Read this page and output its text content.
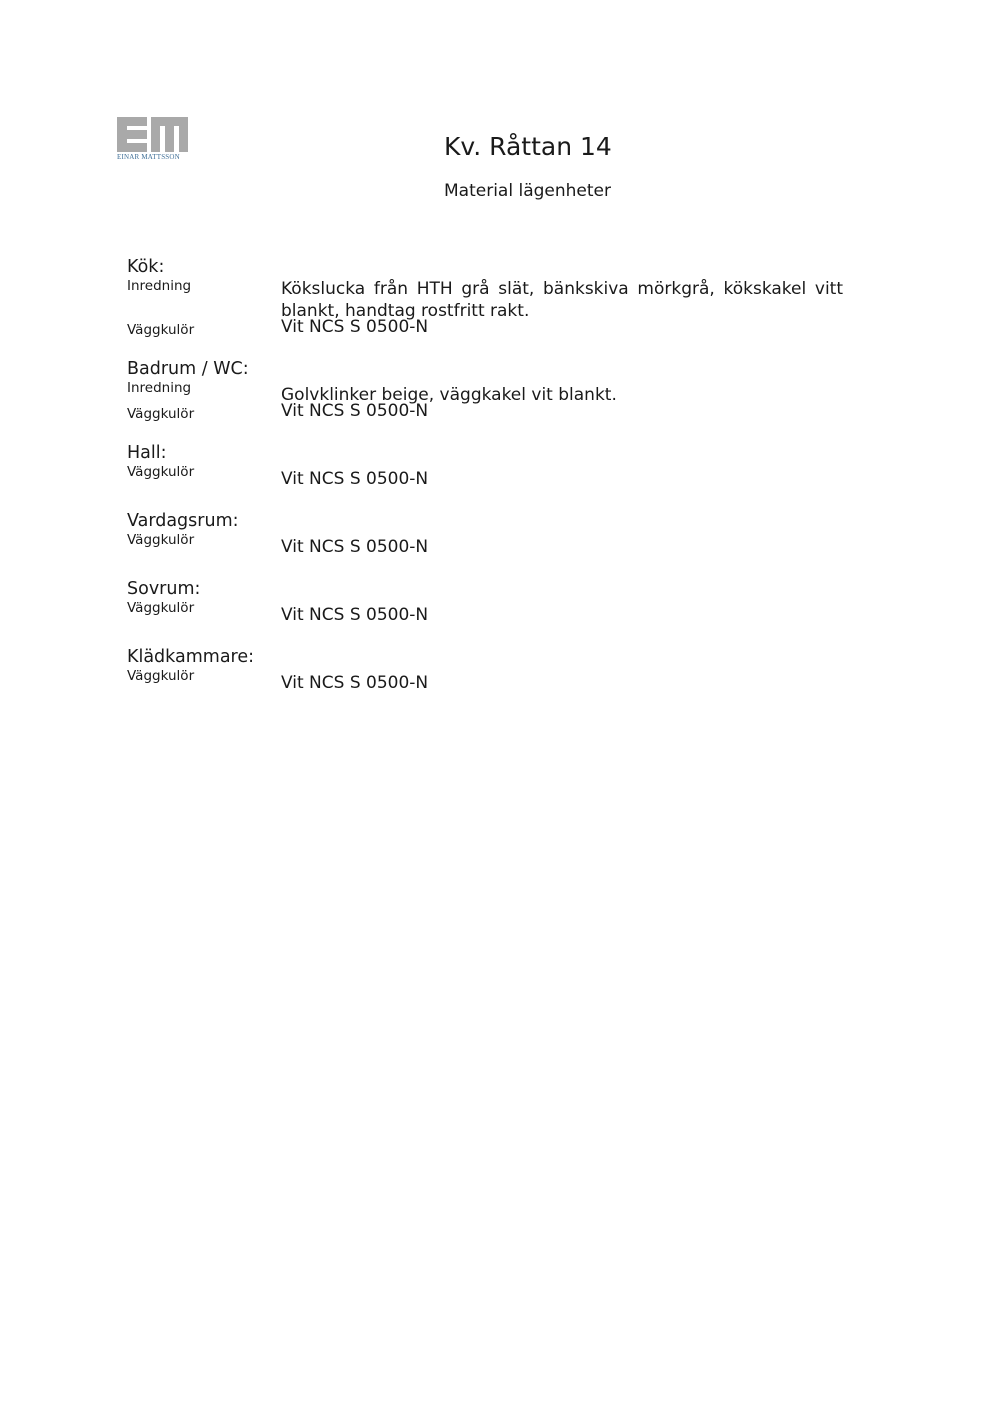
EINAR MATTSSON	Kv. Råttan 14

Material lägenheter

Kök:
Inredning	Kökslucka från HTH grå slät, bänkskiva mörkgrå, kökskakel vitt blankt, handtag rostfritt rakt.
Väggkulör	Vit NCS S 0500-N
Badrum / WC:
Inredning	Golvklinker beige, väggkakel vit blankt.
Väggkulör	Vit NCS S 0500-N
Hall:
Väggkulör	Vit NCS S 0500-N
Vardagsrum:
Väggkulör	Vit NCS S 0500-N
Sovrum:
Väggkulör	Vit NCS S 0500-N
Klädkammare:
Väggkulör	Vit NCS S 0500-N
